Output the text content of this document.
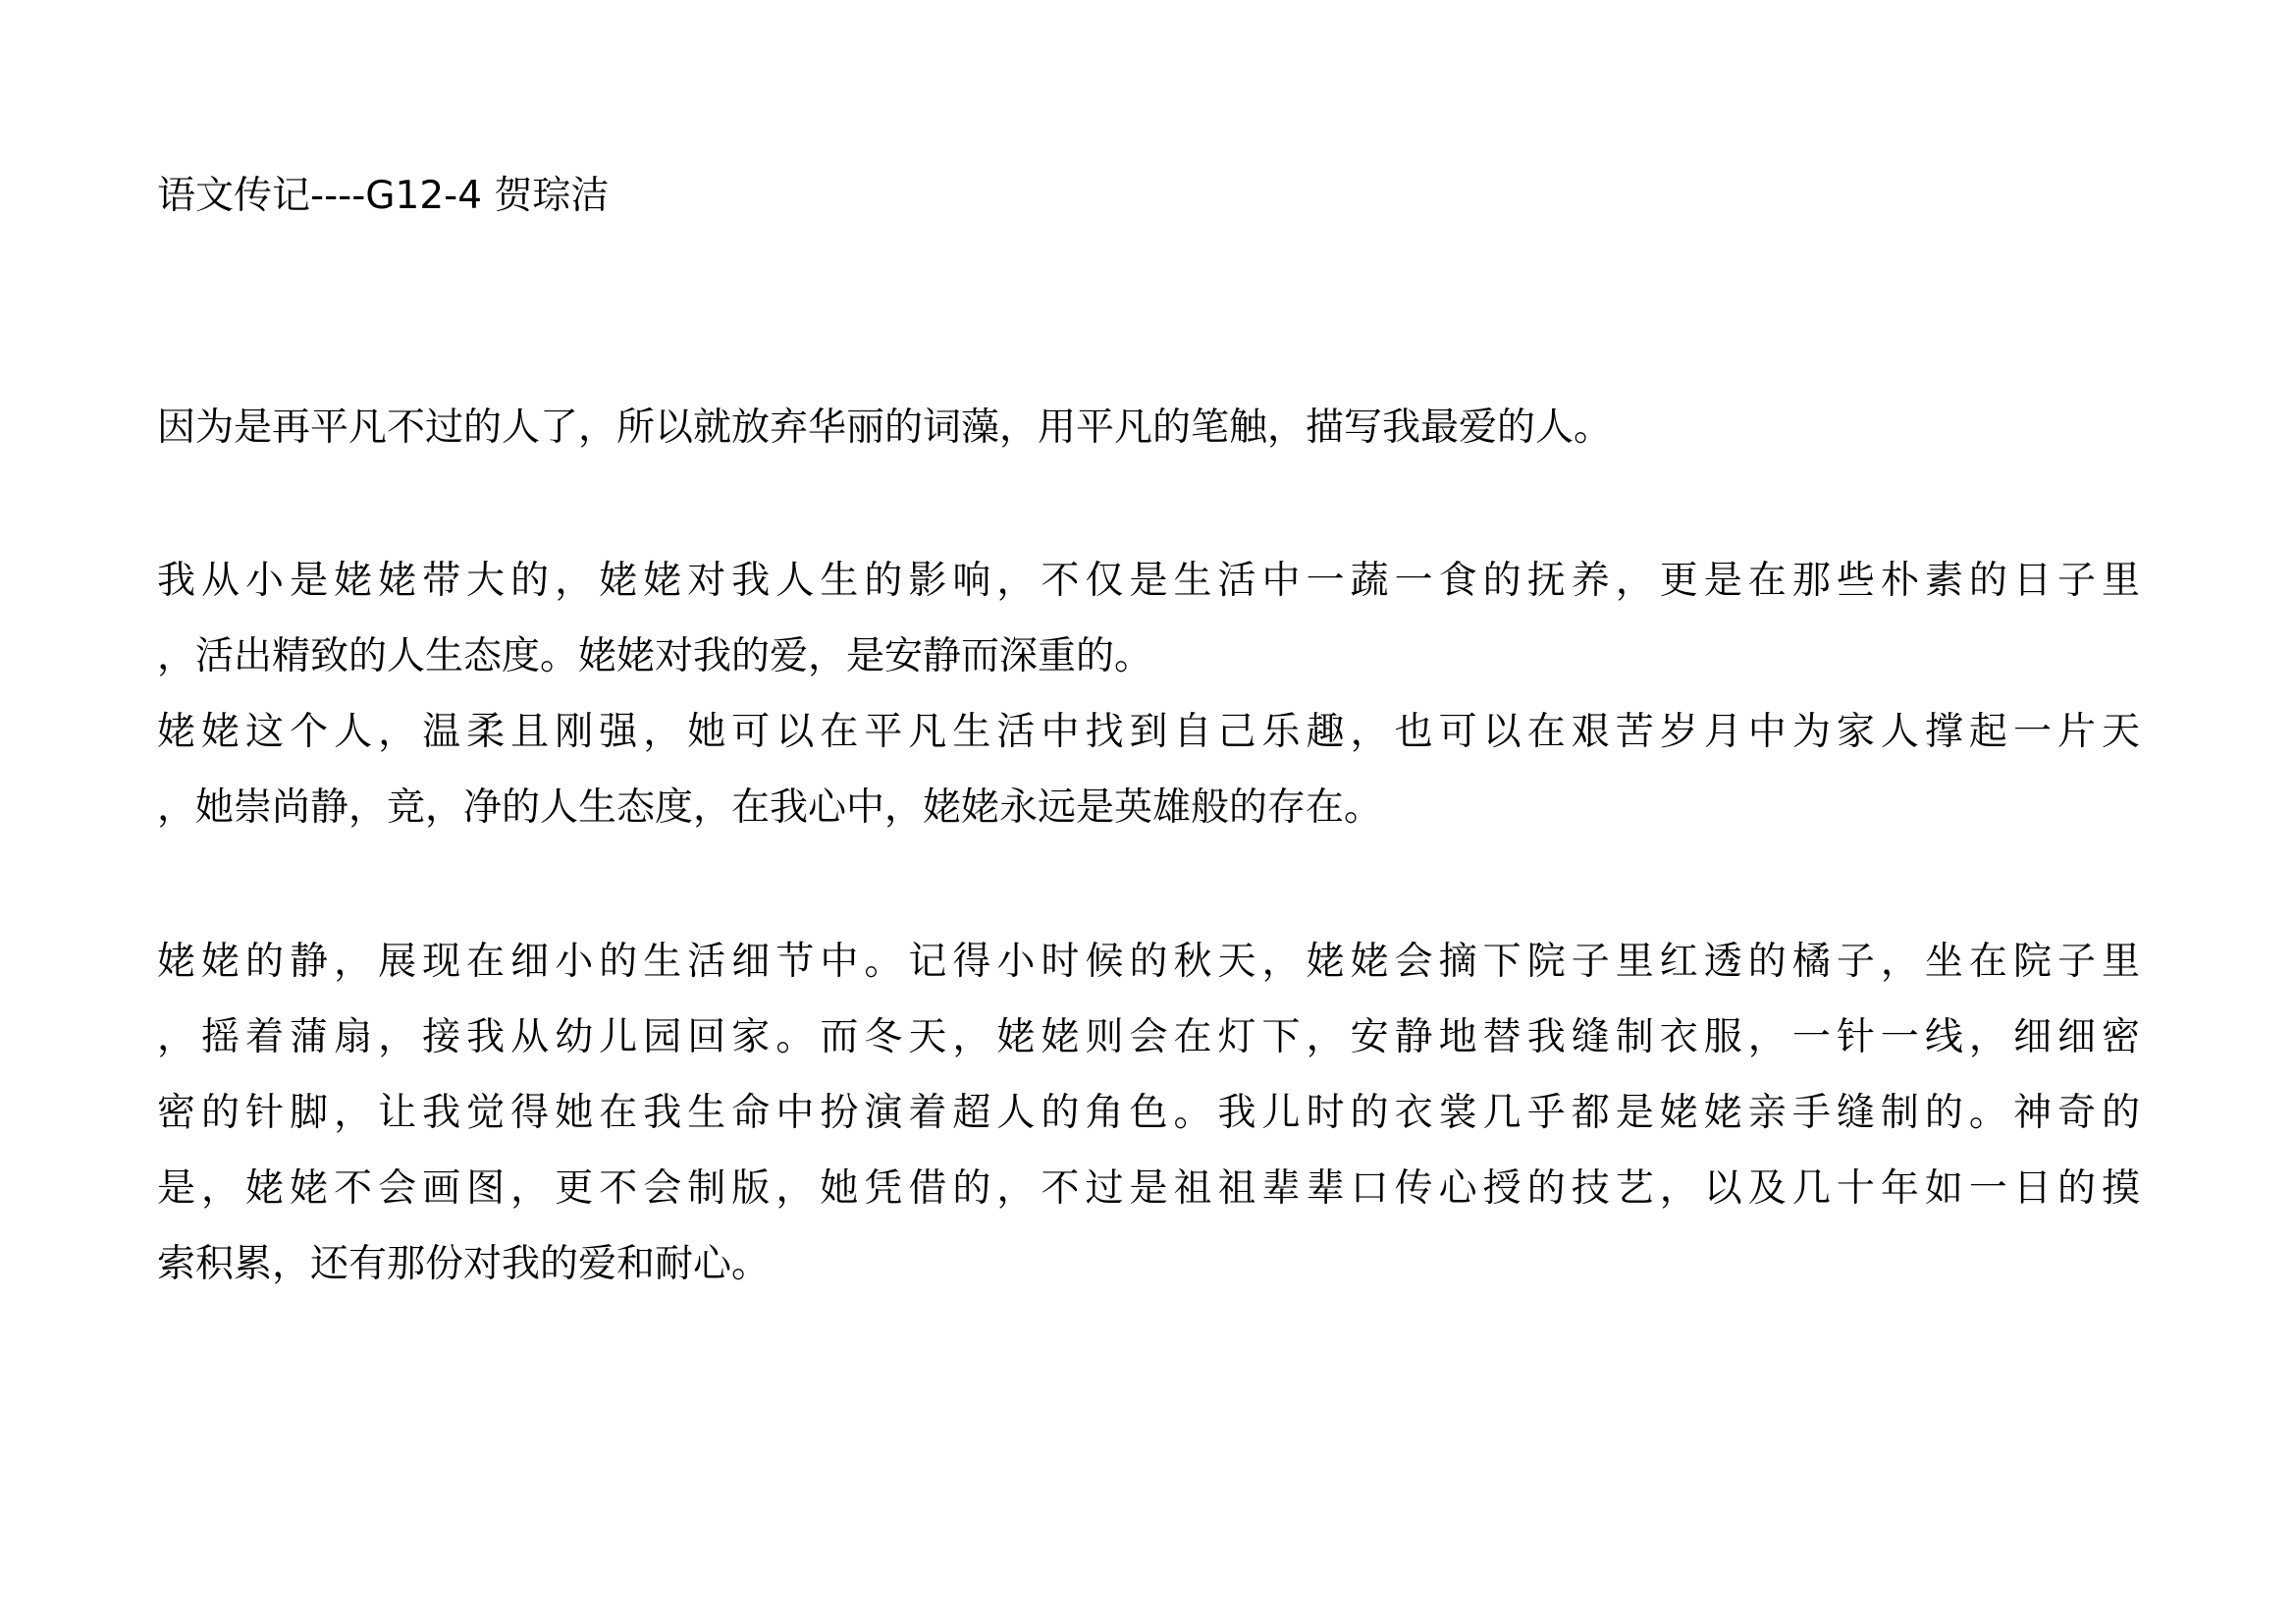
语文传记----G12-4 贺琮洁

因为是再平凡不过的人了，所以就放弃华丽的词藻，用平凡的笔触，描写我最爱的人。

我从小是姥姥带大的，姥姥对我人生的影响，不仅是生活中一蔬一食的抚养，更是在那些朴素的日子里

，活出精致的人生态度。姥姥对我的爱，是安静而深重的。

姥姥这个人，温柔且刚强，她可以在平凡生活中找到自己乐趣，也可以在艰苦岁月中为家人撑起一片天

，她崇尚静，竞，净的人生态度，在我心中，姥姥永远是英雄般的存在。

姥姥的静，展现在细小的生活细节中。记得小时候的秋天，姥姥会摘下院子里红透的橘子，坐在院子里

，摇着蒲扇，接我从幼儿园回家。而冬天，姥姥则会在灯下，安静地替我缝制衣服，一针一线，细细密

密的针脚，让我觉得她在我生命中扮演着超人的角色。我儿时的衣裳几乎都是姥姥亲手缝制的。神奇的

是，姥姥不会画图，更不会制版，她凭借的，不过是祖祖辈辈口传心授的技艺，以及几十年如一日的摸

索积累，还有那份对我的爱和耐心。
